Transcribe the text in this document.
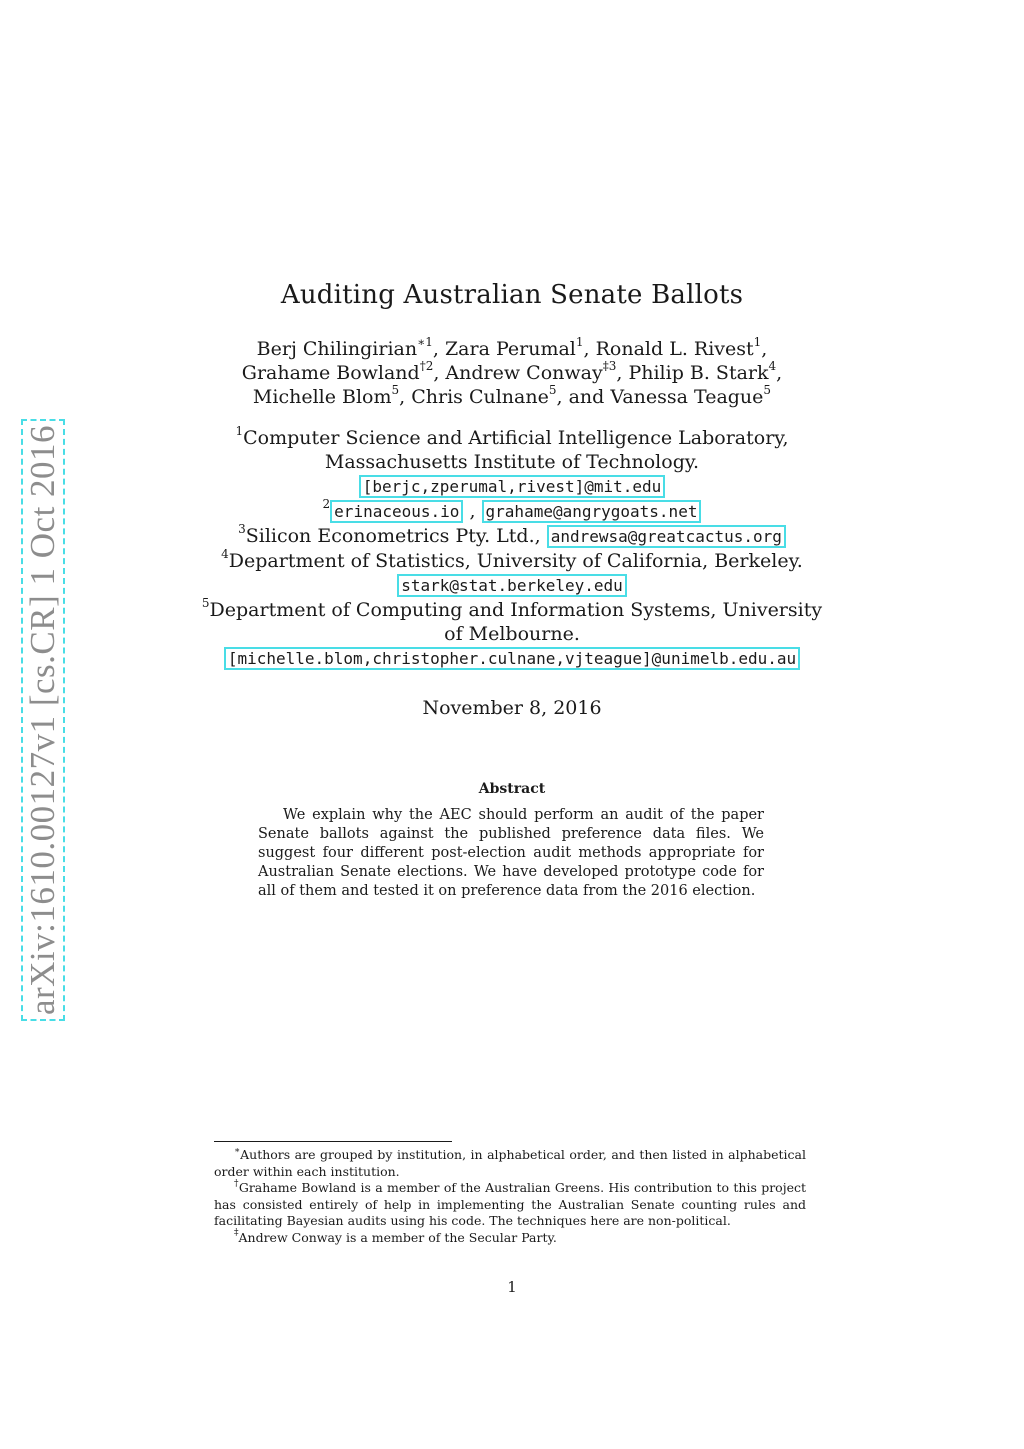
arXiv:1610.00127v1 [cs.CR] 1 Oct 2016
Auditing Australian Senate Ballots
Berj Chilingirian$^{∗1}$, Zara Perumal$^1$, Ronald L. Rivest$^1$,
Grahame Bowland$^{\dagger 2}$, Andrew Conway$^{\ddagger 3}$, Philip B. Stark$^4$,
Michelle Blom$^5$, Chris Culnane$^5$, and Vanessa Teague$^5$
$^1$Computer Science and Artificial Intelligence Laboratory,
Massachusetts Institute of Technology.
[berjc,zperumal,rivest]@mit.edu
$^2$ erinaceous.io , grahame@angrygoats.net
$^3$Silicon Econometrics Pty. Ltd., andrewsa@greatcactus.org
$^4$Department of Statistics, University of California, Berkeley.
stark@stat.berkeley.edu
$^5$Department of Computing and Information Systems, University
of Melbourne.
[michelle.blom,christopher.culnane,vjteague]@unimelb.edu.au
November 8, 2016
Abstract
We explain why the AEC should perform an audit of the paper Senate ballots against the published preference data files. We suggest four different post-election audit methods appropriate for Australian Senate elections. We have developed prototype code for all of them and tested it on preference data from the 2016 election.

∗Authors are grouped by institution, in alphabetical order, and then listed in alphabetical order within each institution.

†Grahame Bowland is a member of the Australian Greens. His contribution to this project has consisted entirely of help in implementing the Australian Senate counting rules and facilitating Bayesian audits using his code. The techniques here are non-political.

‡Andrew Conway is a member of the Secular Party.

1
